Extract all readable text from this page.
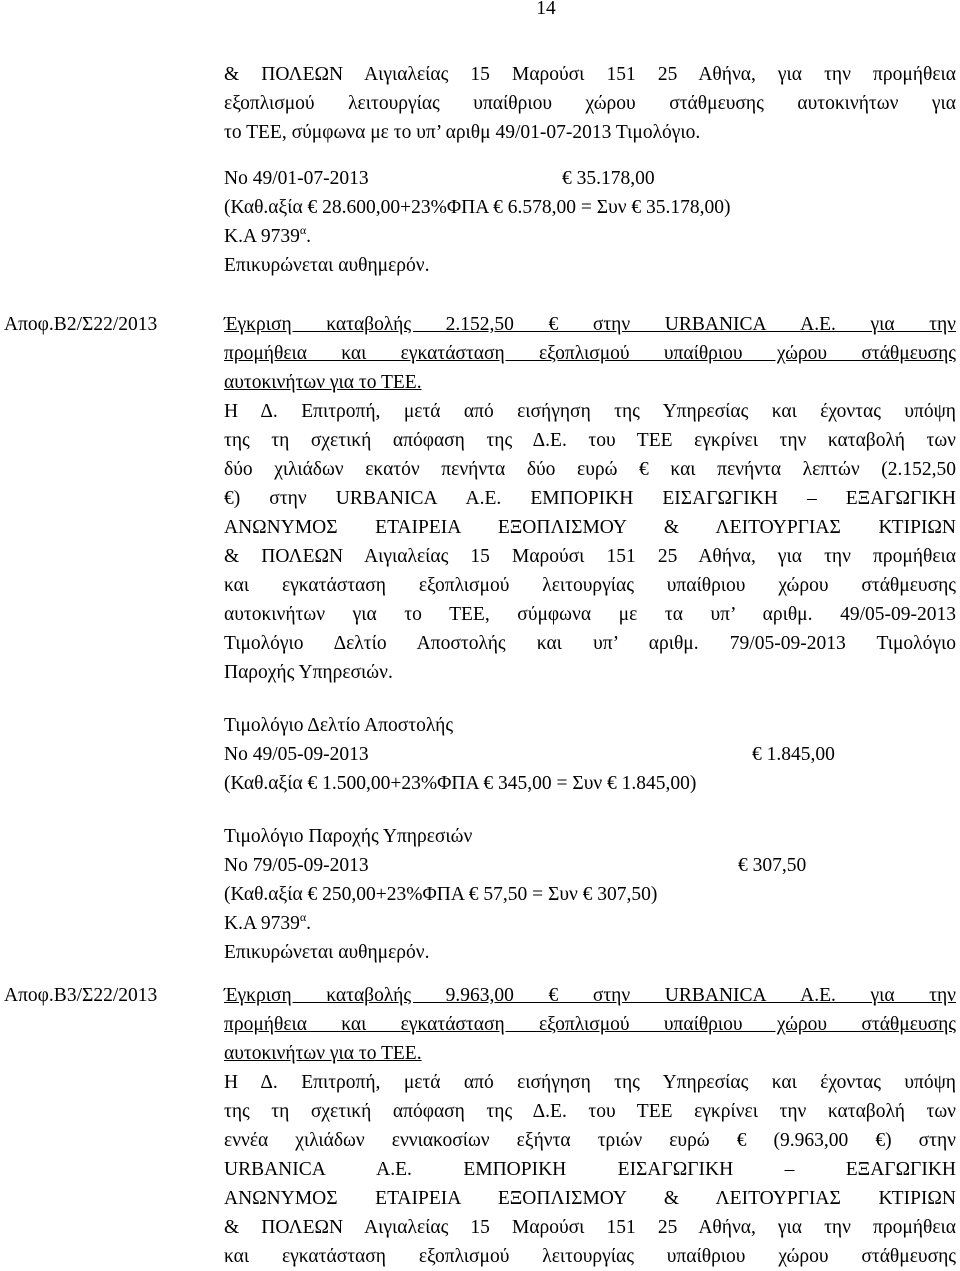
14
& ΠΟΛΕΩΝ Αιγιαλείας 15 Μαρούσι 151 25 Αθήνα, για την προμήθεια
εξοπλισμού λειτουργίας υπαίθριου χώρου στάθμευσης αυτοκινήτων για
το ΤΕΕ, σύμφωνα με το υπ’ αριθμ 49/01-07-2013 Τιμολόγιο.
Νο 49/01-07-2013	€ 35.178,00
(Καθ.αξία € 28.600,00+23%ΦΠΑ € 6.578,00 = Συν € 35.178,00)
Κ.Α $9739^\alpha$.
Επικυρώνεται αυθημερόν.
Αποφ.Β2/Σ22/2013	Έγκριση καταβολής 2.152,50 € στην URBANICA Α.Ε. για την
προμήθεια και εγκατάσταση εξοπλισμού υπαίθριου χώρου στάθμευσης
αυτοκινήτων για το ΤΕΕ.
Η Δ. Επιτροπή, μετά από εισήγηση της Υπηρεσίας και έχοντας υπόψη
της τη σχετική απόφαση της Δ.Ε. του ΤΕΕ εγκρίνει την καταβολή των
δύο χιλιάδων εκατόν πενήντα δύο ευρώ € και πενήντα λεπτών (2.152,50
€) στην URBANICA Α.Ε. ΕΜΠΟΡΙΚΗ ΕΙΣΑΓΩΓΙΚΗ – ΕΞΑΓΩΓΙΚΗ
ΑΝΩΝΥΜΟΣ ΕΤΑΙΡΕΙΑ ΕΞΟΠΛΙΣΜΟΥ & ΛΕΙΤΟΥΡΓΙΑΣ ΚΤΙΡΙΩΝ
& ΠΟΛΕΩΝ Αιγιαλείας 15 Μαρούσι 151 25 Αθήνα, για την προμήθεια
και εγκατάσταση εξοπλισμού λειτουργίας υπαίθριου χώρου στάθμευσης
αυτοκινήτων για το ΤΕΕ, σύμφωνα με τα υπ’ αριθμ. 49/05-09-2013
Τιμολόγιο Δελτίο Αποστολής και υπ’ αριθμ. 79/05-09-2013 Τιμολόγιο
Παροχής Υπηρεσιών.
Τιμολόγιο Δελτίο Αποστολής
Νο 49/05-09-2013	€ 1.845,00
(Καθ.αξία € 1.500,00+23%ΦΠΑ € 345,00 = Συν € 1.845,00)
Τιμολόγιο Παροχής Υπηρεσιών
Νο 79/05-09-2013	€ 307,50
(Καθ.αξία € 250,00+23%ΦΠΑ € 57,50 = Συν € 307,50)
Κ.Α $9739^\alpha$.
Επικυρώνεται αυθημερόν.
Αποφ.Β3/Σ22/2013	Έγκριση καταβολής 9.963,00 € στην URBANICA Α.Ε. για την
προμήθεια και εγκατάσταση εξοπλισμού υπαίθριου χώρου στάθμευσης
αυτοκινήτων για το ΤΕΕ.
Η Δ. Επιτροπή, μετά από εισήγηση της Υπηρεσίας και έχοντας υπόψη
της τη σχετική απόφαση της Δ.Ε. του ΤΕΕ εγκρίνει την καταβολή των
εννέα χιλιάδων εννιακοσίων εξήντα τριών ευρώ € (9.963,00 €) στην
URBANICA Α.Ε. ΕΜΠΟΡΙΚΗ ΕΙΣΑΓΩΓΙΚΗ – ΕΞΑΓΩΓΙΚΗ
ΑΝΩΝΥΜΟΣ ΕΤΑΙΡΕΙΑ ΕΞΟΠΛΙΣΜΟΥ & ΛΕΙΤΟΥΡΓΙΑΣ ΚΤΙΡΙΩΝ
& ΠΟΛΕΩΝ Αιγιαλείας 15 Μαρούσι 151 25 Αθήνα, για την προμήθεια
και εγκατάσταση εξοπλισμού λειτουργίας υπαίθριου χώρου στάθμευσης
